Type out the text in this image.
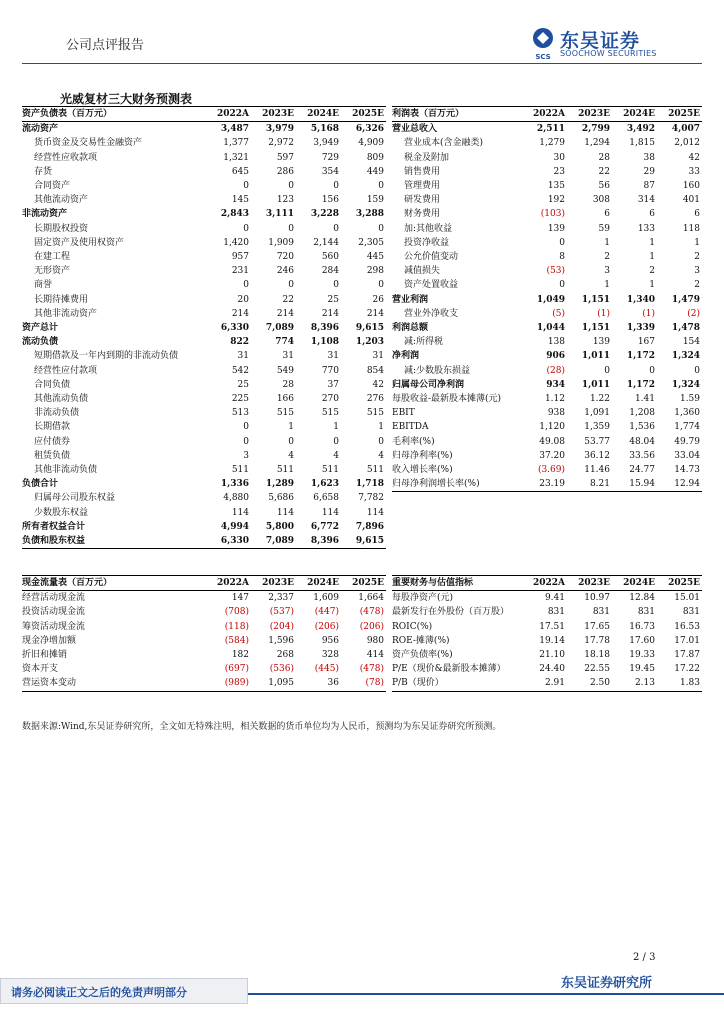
公司点评报告
SCS
东吴证券
SOOCHOW SECURITIES
光威复材三大财务预测表
资产负债表（百万元）	2022A	2023E	2024E	2025E
流动资产	3,487	3,979	5,168	6,326
货币资金及交易性金融资产	1,377	2,972	3,949	4,909
经营性应收款项	1,321	597	729	809
存货	645	286	354	449
合同资产	0	0	0	0
其他流动资产	145	123	156	159
非流动资产	2,843	3,111	3,228	3,288
长期股权投资	0	0	0	0
固定资产及使用权资产	1,420	1,909	2,144	2,305
在建工程	957	720	560	445
无形资产	231	246	284	298
商誉	0	0	0	0
长期待摊费用	20	22	25	26
其他非流动资产	214	214	214	214
资产总计	6,330	7,089	8,396	9,615
流动负债	822	774	1,108	1,203
短期借款及一年内到期的非流动负债	31	31	31	31
经营性应付款项	542	549	770	854
合同负债	25	28	37	42
其他流动负债	225	166	270	276
非流动负债	513	515	515	515
长期借款	0	1	1	1
应付债券	0	0	0	0
租赁负债	3	4	4	4
其他非流动负债	511	511	511	511
负债合计	1,336	1,289	1,623	1,718
归属母公司股东权益	4,880	5,686	6,658	7,782
少数股东权益	114	114	114	114
所有者权益合计	4,994	5,800	6,772	7,896
负债和股东权益	6,330	7,089	8,396	9,615
利润表（百万元）	2022A	2023E	2024E	2025E
营业总收入	2,511	2,799	3,492	4,007
营业成本(含金融类)	1,279	1,294	1,815	2,012
税金及附加	30	28	38	42
销售费用	23	22	29	33
管理费用	135	56	87	160
研发费用	192	308	314	401
财务费用	(103)	6	6	6
加:其他收益	139	59	133	118
投资净收益	0	1	1	1
公允价值变动	8	2	1	2
减值损失	(53)	3	2	3
资产处置收益	0	1	1	2
营业利润	1,049	1,151	1,340	1,479
营业外净收支	(5)	(1)	(1)	(2)
利润总额	1,044	1,151	1,339	1,478
减:所得税	138	139	167	154
净利润	906	1,011	1,172	1,324
减:少数股东损益	(28)	0	0	0
归属母公司净利润	934	1,011	1,172	1,324

每股收益-最新股本摊薄(元)	1.12	1.22	1.41	1.59

EBIT	938	1,091	1,208	1,360
EBITDA	1,120	1,359	1,536	1,774

毛利率(%)	49.08	53.77	48.04	49.79
归母净利率(%)	37.20	36.12	33.56	33.04

收入增长率(%)	(3.69)	11.46	24.77	14.73
归母净利润增长率(%)	23.19	8.21	15.94	12.94
现金流量表（百万元）	2022A	2023E	2024E	2025E
经营活动现金流	147	2,337	1,609	1,664
投资活动现金流	(708)	(537)	(447)	(478)
筹资活动现金流	(118)	(204)	(206)	(206)
现金净增加额	(584)	1,596	956	980
折旧和摊销	182	268	328	414
资本开支	(697)	(536)	(445)	(478)
营运资本变动	(989)	1,095	36	(78)
重要财务与估值指标	2022A	2023E	2024E	2025E
每股净资产(元)	9.41	10.97	12.84	15.01
最新发行在外股份（百万股）	831	831	831	831
ROIC(%)	17.51	17.65	16.73	16.53
ROE-摊薄(%)	19.14	17.78	17.60	17.01
资产负债率(%)	21.10	18.18	19.33	17.87
P/E（现价&最新股本摊薄）	24.40	22.55	19.45	17.22
P/B（现价）	2.91	2.50	2.13	1.83
数据来源:Wind,东吴证券研究所，全文如无特殊注明，相关数据的货币单位均为人民币，预测均为东吴证券研究所预测。
2 / 3
东吴证券研究所
请务必阅读正文之后的免责声明部分
